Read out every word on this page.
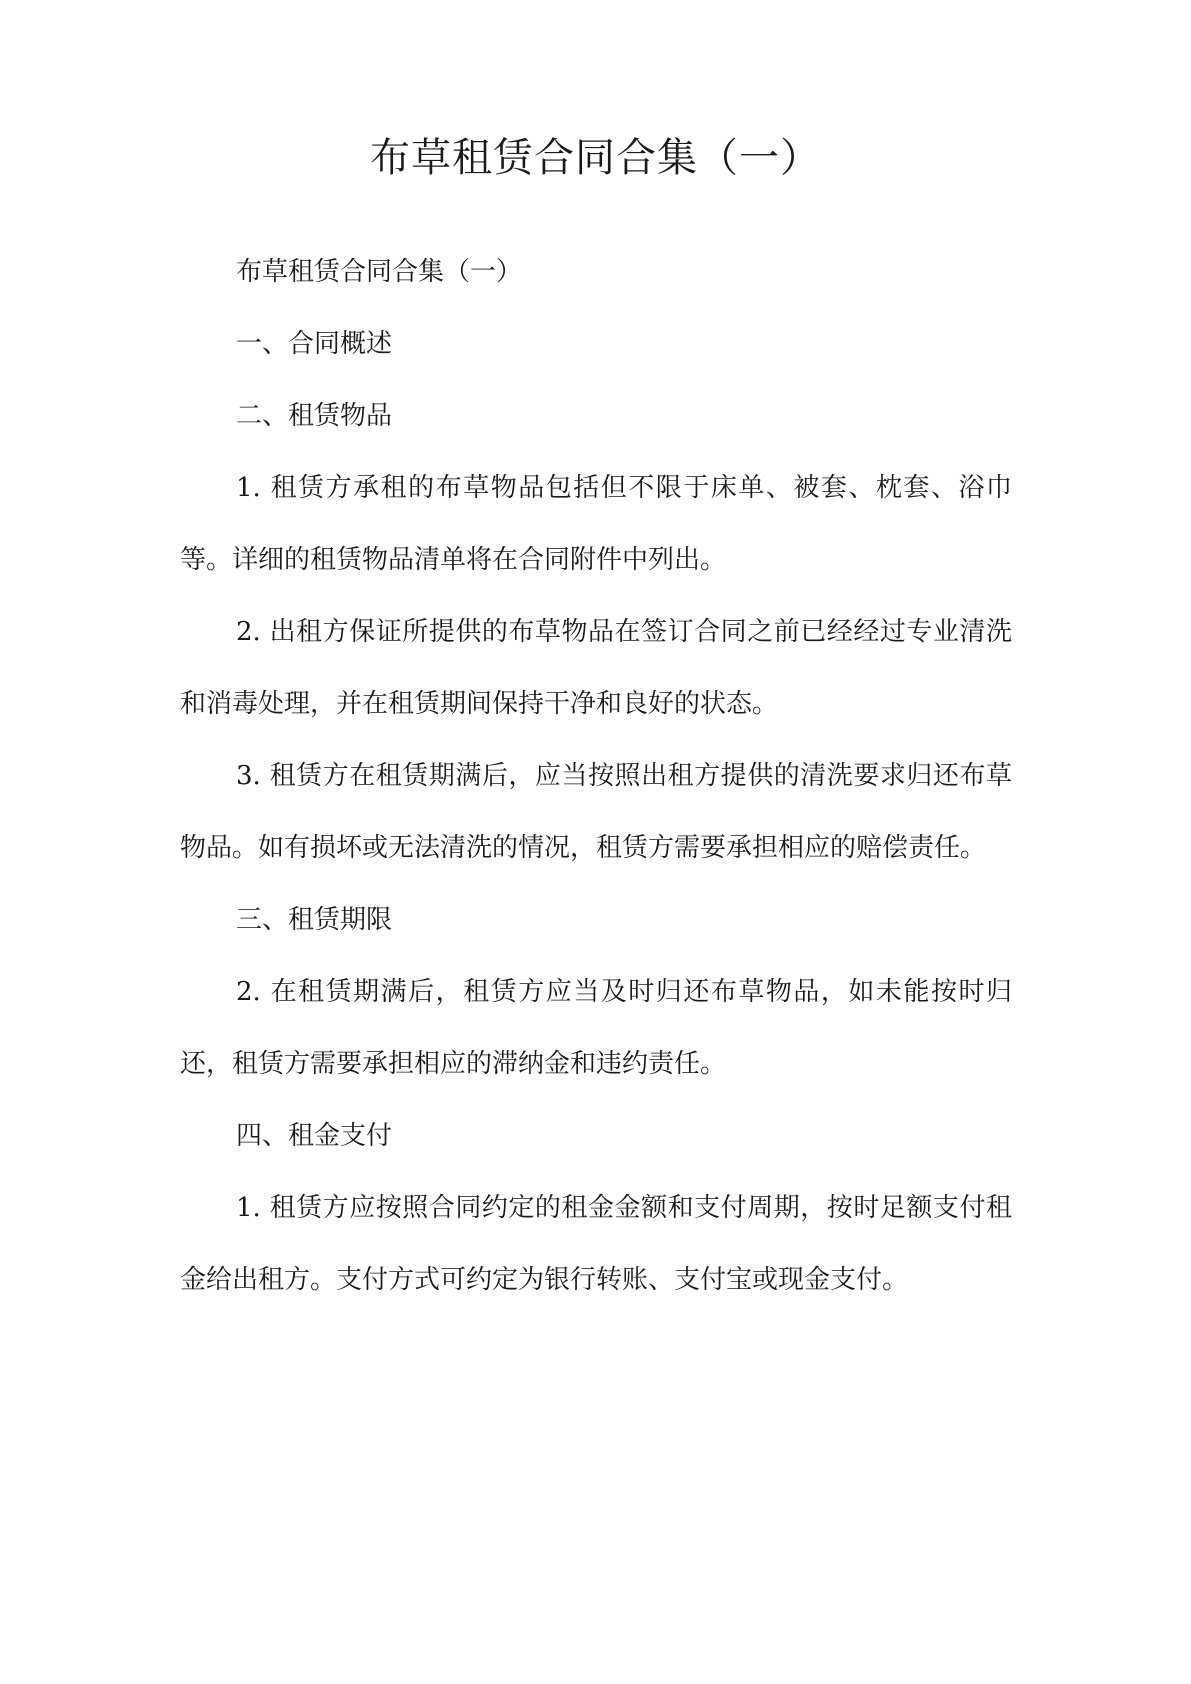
布草租赁合同合集（一）

布草租赁合同合集（一）

一、合同概述

二、租赁物品

1. 租赁方承租的布草物品包括但不限于床单、被套、枕套、浴巾等。详细的租赁物品清单将在合同附件中列出。

2. 出租方保证所提供的布草物品在签订合同之前已经经过专业清洗和消毒处理，并在租赁期间保持干净和良好的状态。

3. 租赁方在租赁期满后，应当按照出租方提供的清洗要求归还布草物品。如有损坏或无法清洗的情况，租赁方需要承担相应的赔偿责任。

三、租赁期限

2. 在租赁期满后，租赁方应当及时归还布草物品，如未能按时归还，租赁方需要承担相应的滞纳金和违约责任。

四、租金支付

1. 租赁方应按照合同约定的租金金额和支付周期，按时足额支付租金给出租方。支付方式可约定为银行转账、支付宝或现金支付。
